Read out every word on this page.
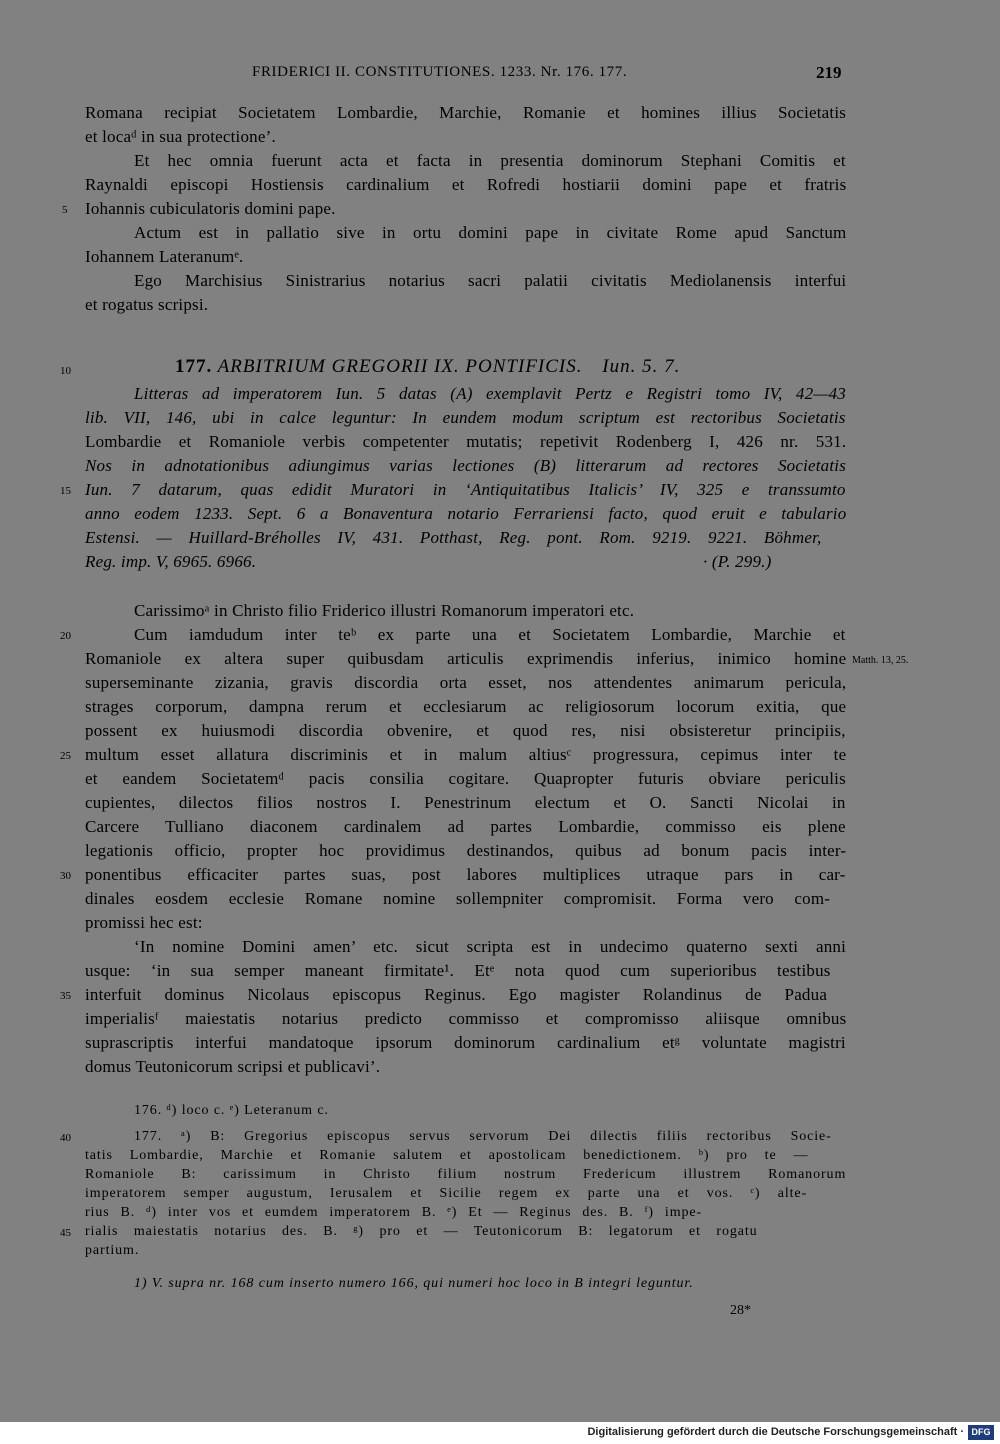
FRIDERICI II. CONSTITUTIONES. 1233. Nr. 176. 177.	219
Romana recipiat Societatem Lombardie, Marchie, Romanie et homines illius Societatis
et locaᵈ in sua protectione’.
Et hec omnia fuerunt acta et facta in presentia dominorum Stephani Comitis et
Raynaldi episcopi Hostiensis cardinalium et Rofredi hostiarii domini pape et fratris
Iohannis cubiculatoris domini pape.
Actum est in pallatio sive in ortu domini pape in civitate Rome apud Sanctum
Iohannem Lateranumᵉ.
Ego Marchisius Sinistrarius notarius sacri palatii civitatis Mediolanensis interfui
et rogatus scripsi.
Litteras ad imperatorem Iun. 5 datas (A) exemplavit Pertz e Registri tomo IV, 42—43
lib. VII, 146, ubi in calce leguntur: In eundem modum scriptum est rectoribus Societatis
Lombardie et Romaniole verbis competenter mutatis; repetivit Rodenberg I, 426 nr. 531.
Nos in adnotationibus adiungimus varias lectiones (B) litterarum ad rectores Societatis
Iun. 7 datarum, quas edidit Muratori in ‘Antiquitatibus Italicis’ IV, 325 e transsumto
anno eodem 1233. Sept. 6 a Bonaventura notario Ferrariensi facto, quod eruit e tabulario
Estensi. — Huillard-Bréholles IV, 431. Potthast, Reg. pont. Rom. 9219. 9221. Böhmer,
Reg. imp. V, 6965. 6966.
Carissimoᵃ in Christo filio Friderico illustri Romanorum imperatori etc.
Cum iamdudum inter teᵇ ex parte una et Societatem Lombardie, Marchie et
Romaniole ex altera super quibusdam articulis exprimendis inferius, inimico homine
superseminante zizania, gravis discordia orta esset, nos attendentes animarum pericula,
strages corporum, dampna rerum et ecclesiarum ac religiosorum locorum exitia, que
possent ex huiusmodi discordia obvenire, et quod res, nisi obsisteretur principiis,
multum esset allatura discriminis et in malum altiusᶜ progressura, cepimus inter te
et eandem Societatemᵈ pacis consilia cogitare. Quapropter futuris obviare periculis
cupientes, dilectos filios nostros I. Penestrinum electum et O. Sancti Nicolai in
Carcere Tulliano diaconem cardinalem ad partes Lombardie, commisso eis plene
legationis officio, propter hoc providimus destinandos, quibus ad bonum pacis inter-
ponentibus efficaciter partes suas, post labores multiplices utraque pars in car-
dinales eosdem ecclesie Romane nomine sollempniter compromisit. Forma vero com-
promissi hec est:
‘In nomine Domini amen’ etc. sicut scripta est in undecimo quaterno sexti anni
usque: ‘in sua semper maneant firmitate¹. Etᵉ nota quod cum superioribus testibus
interfuit dominus Nicolaus episcopus Reginus. Ego magister Rolandinus de Padua
imperialisᶠ maiestatis notarius predicto commisso et compromisso aliisque omnibus
suprascriptis interfui mandatoque ipsorum dominorum cardinalium etᵍ voluntate magistri
domus Teutonicorum scripsi et publicavi’.
176. ᵈ) loco c. ᵉ) Leteranum c.
177. ᵃ) B: Gregorius episcopus servus servorum Dei dilectis filiis rectoribus Socie-
tatis Lombardie, Marchie et Romanie salutem et apostolicam benedictionem. ᵇ) pro te —
Romaniole B: carissimum in Christo filium nostrum Fredericum illustrem Romanorum
imperatorem semper augustum, Ierusalem et Sicilie regem ex parte una et vos. ᶜ) alte-
rius B. ᵈ) inter vos et eumdem imperatorem B. ᵉ) Et — Reginus des. B. ᶠ) impe-
rialis maiestatis notarius des. B. ᵍ) pro et — Teutonicorum B: legatorum et rogatu
partium.
1) V. supra nr. 168 cum inserto numero 166, qui numeri hoc loco in B integri leguntur.
177. ARBITRIUM GREGORII IX. PONTIFICIS. Iun. 5. 7.
· (P. 299.)
Matth. 13, 25.
5
10
15
20
25
30
35
40
45
28*
Digitalisierung gefördert durch die Deutsche Forschungsgemeinschaft · DFG
